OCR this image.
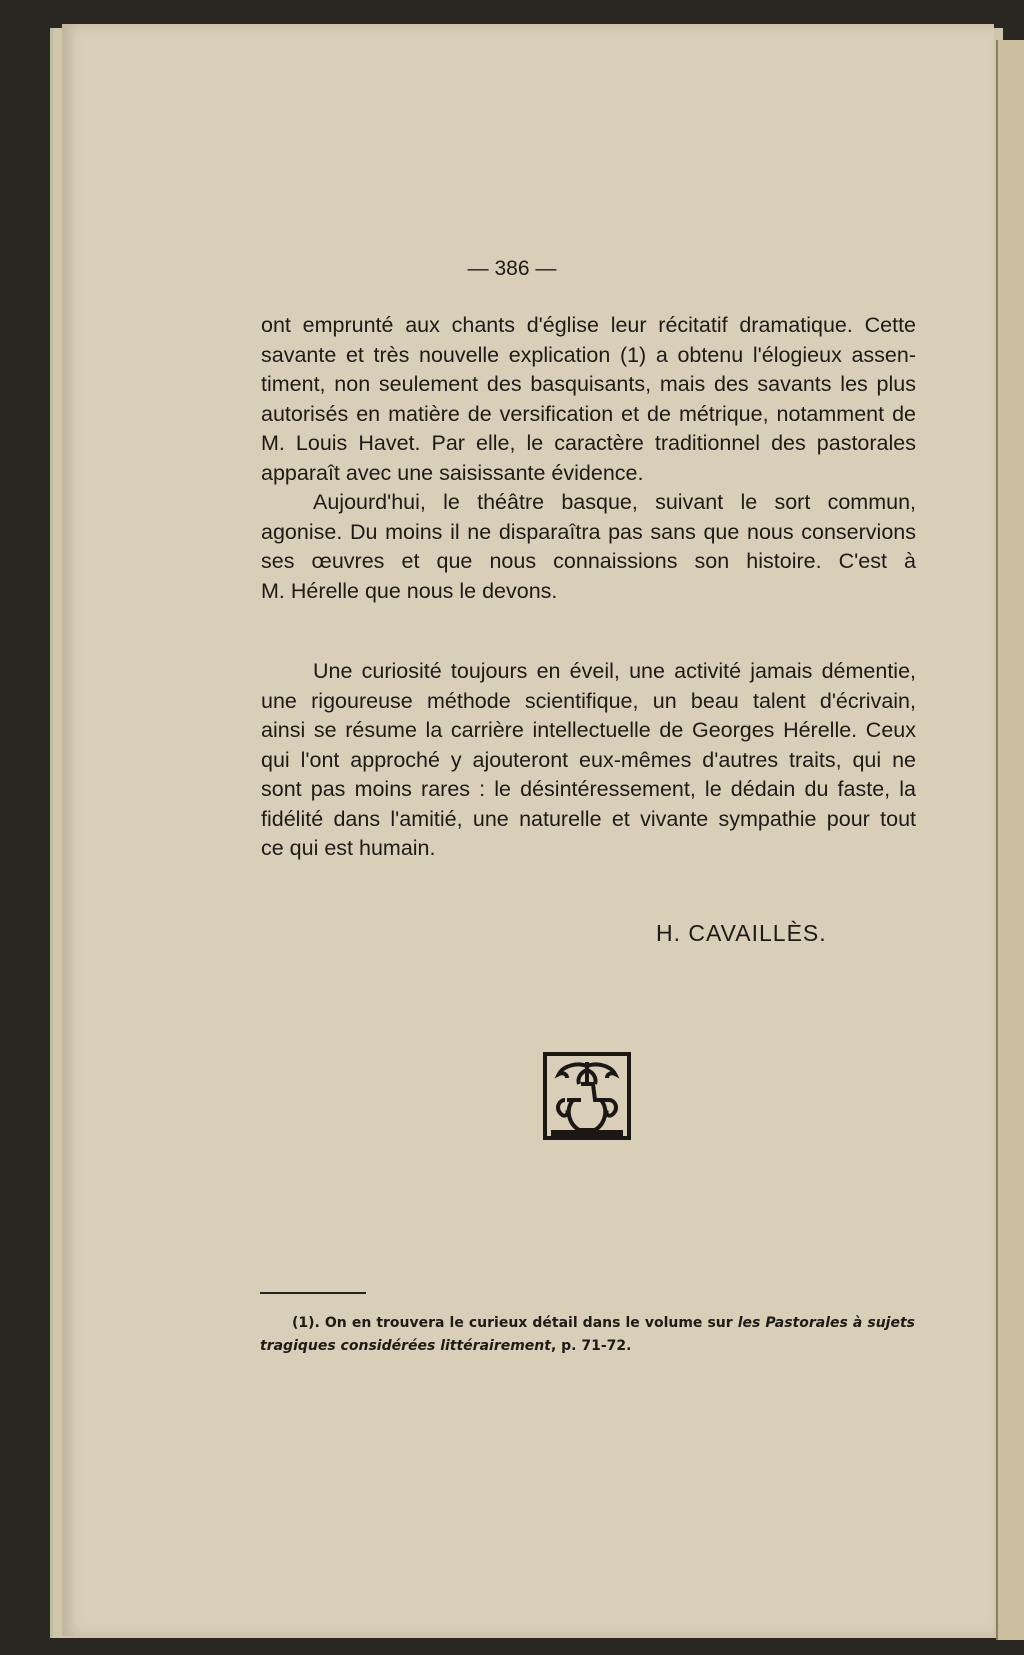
— 386 —
ont emprunté aux chants d'église leur récitatif dramatique. Cette
savante et très nouvelle explication (1) a obtenu l'élogieux assen-
timent, non seulement des basquisants, mais des savants les plus
autorisés en matière de versification et de métrique, notamment de
M. Louis Havet. Par elle, le caractère traditionnel des pastorales
apparaît avec une saisissante évidence.
Aujourd'hui, le théâtre basque, suivant le sort commun,
agonise. Du moins il ne disparaîtra pas sans que nous conservions
ses œuvres et que nous connaissions son histoire. C'est à
M. Hérelle que nous le devons.
Une curiosité toujours en éveil, une activité jamais démentie,
une rigoureuse méthode scientifique, un beau talent d'écrivain,
ainsi se résume la carrière intellectuelle de Georges Hérelle. Ceux
qui l'ont approché y ajouteront eux-mêmes d'autres traits, qui ne
sont pas moins rares : le désintéressement, le dédain du faste, la
fidélité dans l'amitié, une naturelle et vivante sympathie pour tout
ce qui est humain.
H. CAVAILLÈS.
(1). On en trouvera le curieux détail dans le volume sur les Pastorales à sujets
tragiques considérées littérairement, p. 71-72.
